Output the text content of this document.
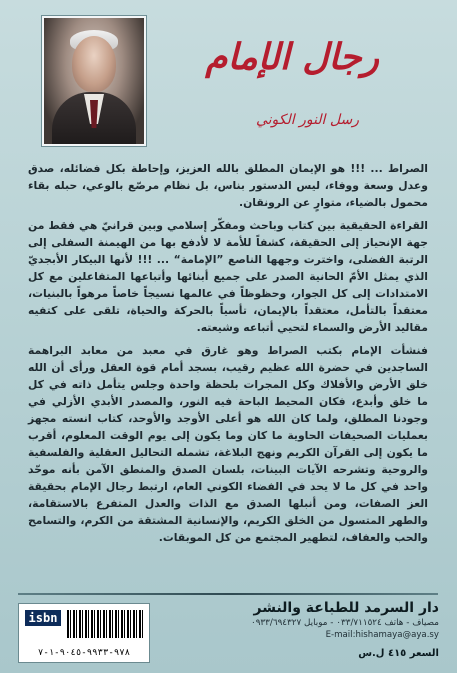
رجال الإمام
رسل النور الكوني

الصراط ... !!! هو الإيمان المطلق بالله العزيز، وإحاطة بكل فضائله، صدق وعدل وسعة ووفاء، ليس الدستور بناس، بل نظام مرصّع بالوعي، حبله بقاء محمول بالضياء، متوارٍ عن الرونقان.

القراءة الحقيقية بين كتاب وباحث ومفكّر إسلامي وبين قرانيّ هي فقط من جهة الإنحياز إلى الحقيقة، كشفاً للأمة لا لأدفع بها من الهيمنة السفلى إلى الرتبة الفضلى، واخترت وجهها الناصع ”الإمامة“ ... !!! لأنها البيكار الأبجديّ الذي يمثل الأمّ الحانية الصدر على جميع أبنائها وأتباعها المتفاعلين مع كل الامتدادات إلى كل الجوار، وحظوظاً في عالمها نسيجاً خاصاً مرهواً بالبنيات، معتقداً بالتأمل، معتقداً بالإيمان، تأسياً بالحركة والحياة، تلقى على كتفيه مقاليد الأرض والسماء لتحيي أتباعه وشيعته.

فنشأت الإمام بكتب الصراط وهو غارق في معبد من معابد البراهمة الساجدين في حضرة الله عظيم رقيب، بسجد أمام قوة العقل ورأى أن الله خلق الأرض والأفلاك وكل المجرات بلحظة واحدة وجلس يتأمل ذاته في كل ما خلق وأبدع، فكان المحيط الباحة فيه النور، والمصدر الأبدي الأزلي في وجودنا المطلق، ولما كان الله هو أعلى الأوجد والأوحد، كتاب انسته مجهز بعمليات الصحيفات الحاوية ما كان وما يكون إلى يوم الوقت المعلوم، أقرب ما يكون إلى القرآن الكريم ونهج البلاغة، تشمله التحاليل العقلية والفلسفية والروحية وتشرحه الآيات البينات، بلسان الصدق والمنطق الآمن بأنه موحّد واحد في كل ما لا يحد في الفضاء الكوني العام، ارتبط رجال الإمام بحقيقة العز الصفات، ومن أنبلها الصدق مع الذات والعدل المتفرع بالاستقامة، والطهر المتسول من الخلق الكريم، والإنسانية المشتقة من الكرم، والتسامح والحب والعفاف، لتطهير المجتمع من كل الموبقات.

دار السرمد للطباعة والنشر
مصياف - هاتف ٠٣٣/٧١١٥٢٤ - موبايل ٠٩٣٣/٦٩٤٣٢٧
E-mail:hishamaya@aya.sy
السعر ٤١٥ ل.س
isbn
٩٧٨-٩٩٣٣-٩٠٤٥-١-٧
